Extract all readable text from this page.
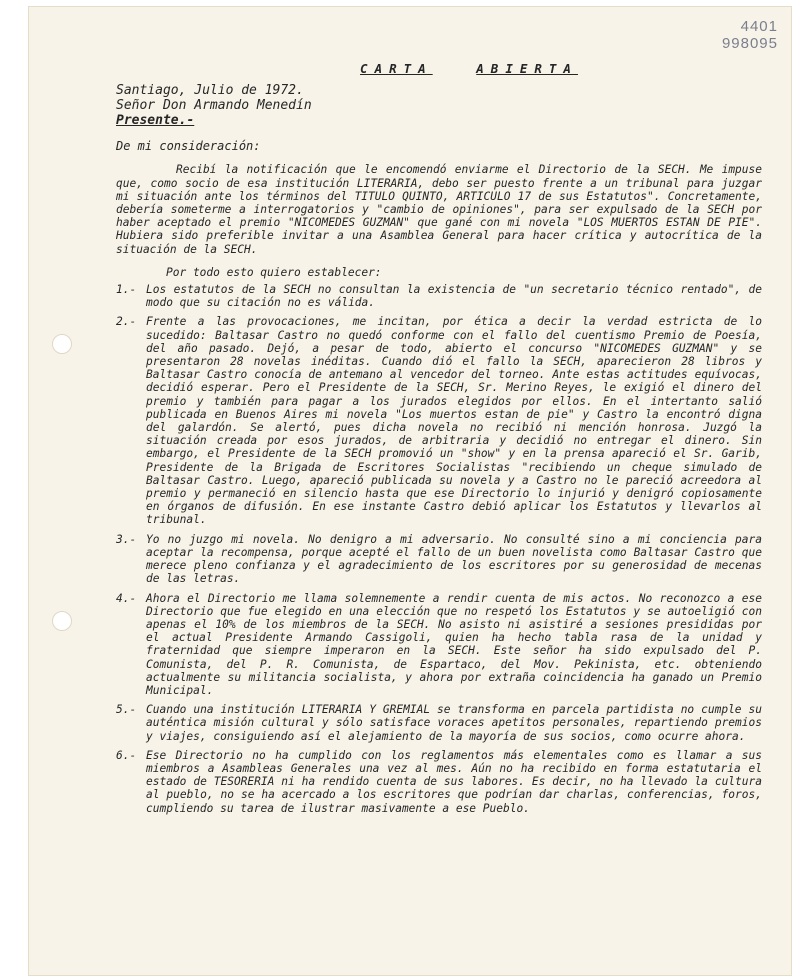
4401
998095
CARTA	ABIERTA
Santiago, Julio de 1972.
Señor Don Armando Menedín
Presente.-
De mi consideración:
Recibí la notificación que le encomendó enviarme el Directorio de la SECH. Me impuse que, como socio de esa institución LITERARIA, debo ser puesto frente a un tribunal para juzgar mi situación ante los términos del TITULO QUINTO, ARTICULO 17 de sus Estatutos". Concretamente, debería someterme a interrogatorios y "cambio de opiniones", para ser expulsado de la SECH por haber aceptado el premio "NICOMEDES GUZMAN" que gané con mi novela "LOS MUERTOS ESTAN DE PIE". Hubiera sido preferible invitar a una Asamblea General para hacer crítica y autocrítica de la situación de la SECH.
Por todo esto quiero establecer:
1.- Los estatutos de la SECH no consultan la existencia de "un secretario técnico rentado", de modo que su citación no es válida.
2.- Frente a las provocaciones, me incitan, por ética a decir la verdad estricta de lo sucedido: Baltasar Castro no quedó conforme con el fallo del cuentismo Premio de Poesía, del año pasado. Dejó, a pesar de todo, abierto el concurso "NICOMEDES GUZMAN" y se presentaron 28 novelas inéditas. Cuando dió el fallo la SECH, aparecieron 28 libros y Baltasar Castro conocía de antemano al vencedor del torneo. Ante estas actitudes equívocas, decidió esperar. Pero el Presidente de la SECH, Sr. Merino Reyes, le exigió el dinero del premio y también para pagar a los jurados elegidos por ellos. En el intertanto salió publicada en Buenos Aires mi novela "Los muertos estan de pie" y Castro la encontró digna del galardón. Se alertó, pues dicha novela no recibió ni mención honrosa. Juzgó la situación creada por esos jurados, de arbitraria y decidió no entregar el dinero. Sin embargo, el Presidente de la SECH promovió un "show" y en la prensa apareció el Sr. Garib, Presidente de la Brigada de Escritores Socialistas "recibiendo un cheque simulado de Baltasar Castro. Luego, apareció publicada su novela y a Castro no le pareció acreedora al premio y permaneció en silencio hasta que ese Directorio lo injurió y denigró copiosamente en órganos de difusión. En ese instante Castro debió aplicar los Estatutos y llevarlos al tribunal.
3.- Yo no juzgo mi novela. No denigro a mi adversario. No consulté sino a mi conciencia para aceptar la recompensa, porque acepté el fallo de un buen novelista como Baltasar Castro que merece pleno confianza y el agradecimiento de los escritores por su generosidad de mecenas de las letras.
4.- Ahora el Directorio me llama solemnemente a rendir cuenta de mis actos. No reconozco a ese Directorio que fue elegido en una elección que no respetó los Estatutos y se autoeligió con apenas el 10% de los miembros de la SECH. No asisto ni asistiré a sesiones presididas por el actual Presidente Armando Cassigoli, quien ha hecho tabla rasa de la unidad y fraternidad que siempre imperaron en la SECH. Este señor ha sido expulsado del P. Comunista, del P. R. Comunista, de Espartaco, del Mov. Pekinista, etc. obteniendo actualmente su militancia socialista, y ahora por extraña coincidencia ha ganado un Premio Municipal.
5.- Cuando una institución LITERARIA Y GREMIAL se transforma en parcela partidista no cumple su auténtica misión cultural y sólo satisface voraces apetitos personales, repartiendo premios y viajes, consiguiendo así el alejamiento de la mayoría de sus socios, como ocurre ahora.
6.- Ese Directorio no ha cumplido con los reglamentos más elementales como es llamar a sus miembros a Asambleas Generales una vez al mes. Aún no ha recibido en forma estatutaria el estado de TESORERIA ni ha rendido cuenta de sus labores. Es decir, no ha llevado la cultura al pueblo, no se ha acercado a los escritores que podrían dar charlas, conferencias, foros, cumpliendo su tarea de ilustrar masivamente a ese Pueblo.
